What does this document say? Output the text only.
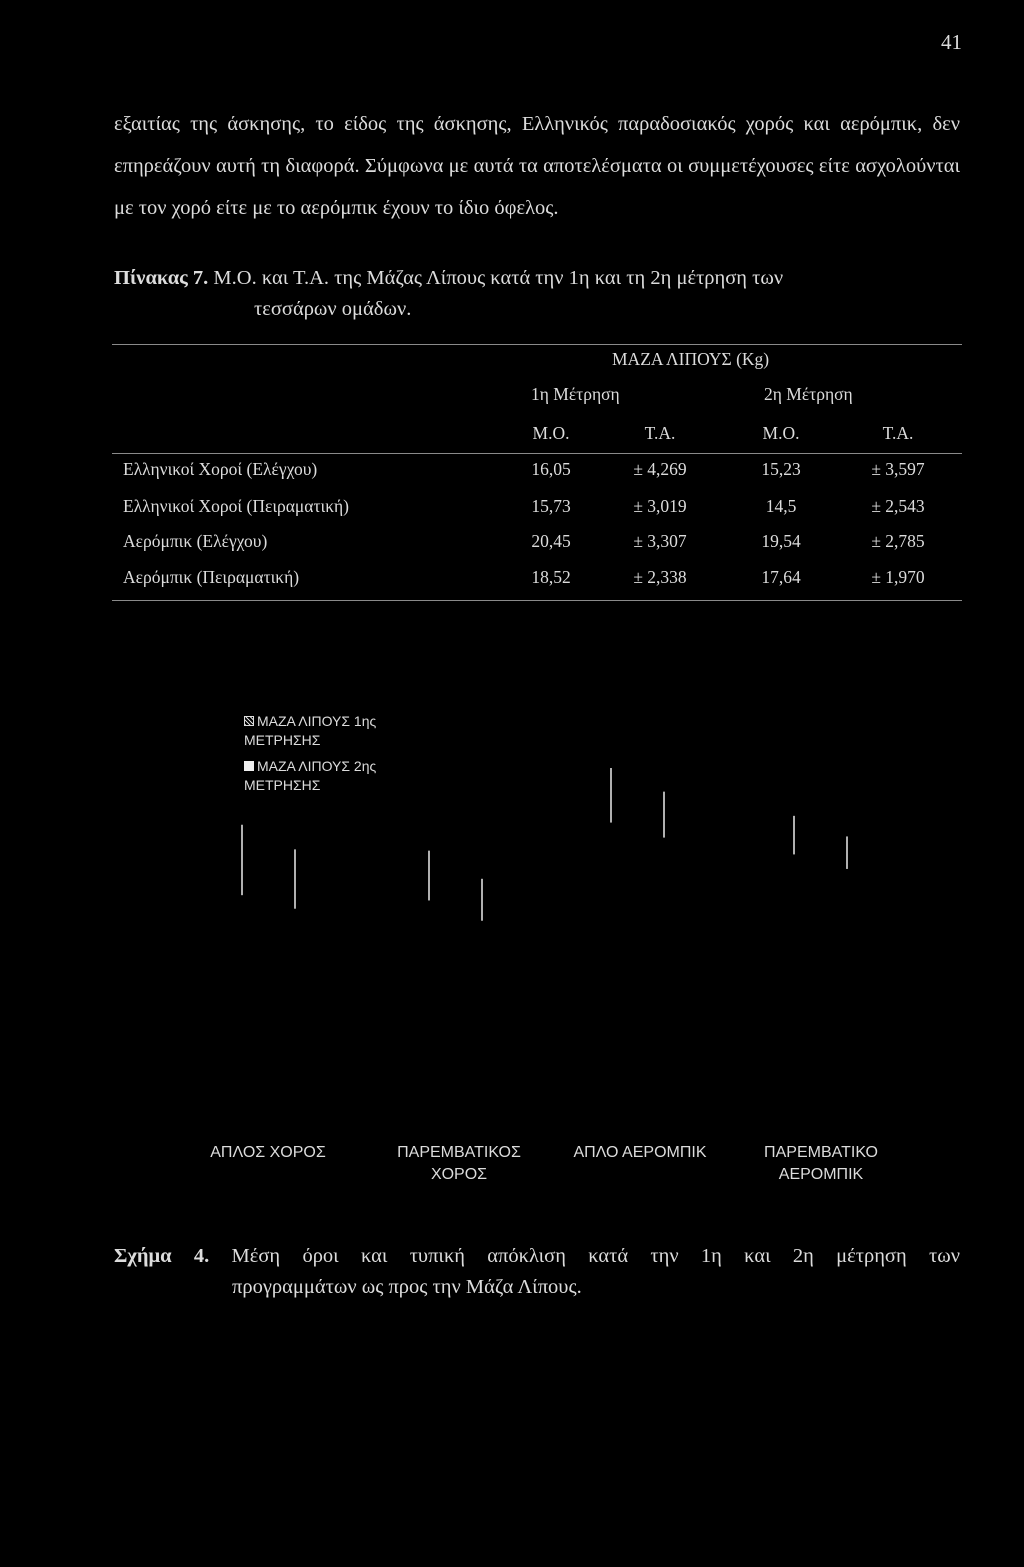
41
εξαιτίας της άσκησης, το είδος της άσκησης, Ελληνικός παραδοσιακός χορός και αερόμπικ, δεν επηρεάζουν αυτή τη διαφορά. Σύμφωνα με αυτά τα αποτελέσματα οι συμμετέχουσες είτε ασχολούνται με τον χορό είτε με το αερόμπικ έχουν το ίδιο όφελος.
Πίνακας 7. Μ.Ο. και Τ.Α. της Μάζας Λίπους κατά την 1η και τη 2η μέτρηση των
τεσσάρων ομάδων.
ΜΑΖΑ ΛΙΠΟΥΣ (Kg)
1η Μέτρηση	2η Μέτρηση
Μ.Ο.	Τ.Α.	Μ.Ο.	Τ.Α.
Ελληνικοί Χοροί (Ελέγχου)	16,05	± 4,269	15,23	± 3,597
Ελληνικοί Χοροί (Πειραματική)	15,73	± 3,019	14,5	± 2,543
Αερόμπικ (Ελέγχου)	20,45	± 3,307	19,54	± 2,785
Αερόμπικ (Πειραματική)	18,52	± 2,338	17,64	± 1,970
ΜΑΖΑ ΛΙΠΟΥΣ 1ης
ΜΕΤΡΗΣΗΣ
ΜΑΖΑ ΛΙΠΟΥΣ 2ης
ΜΕΤΡΗΣΗΣ
ΑΠΛΟΣ ΧΟΡΟΣ	ΠΑΡΕΜΒΑΤΙΚΟΣ
ΧΟΡΟΣ
ΑΠΛΟ ΑΕΡΟΜΠΙΚ	ΠΑΡΕΜΒΑΤΙΚΟ
ΑΕΡΟΜΠΙΚ
Σχήμα 4. Μέση όροι και τυπική απόκλιση κατά την 1η και 2η μέτρηση των
προγραμμάτων ως προς την Μάζα Λίπους.
